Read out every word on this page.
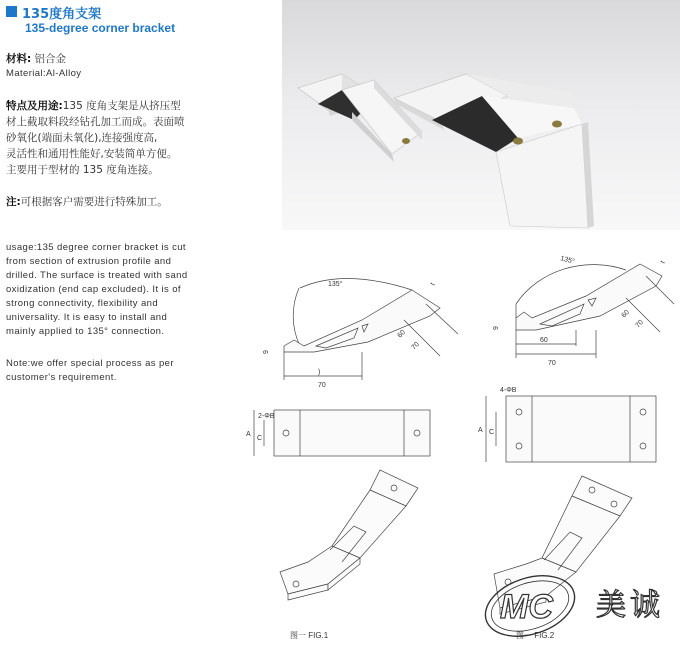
135度角支架
135-degree corner bracket
材料: 铝合金
Material:Al-Alloy
特点及用途:135 度角支架是从挤压型
材上截取料段经钻孔加工而成。表面喷
砂氧化(端面未氧化),连接强度高,
灵活性和通用性能好,安装简单方便。
主要用于型材的 135 度角连接。
注:可根据客户需要进行特殊加工。
usage:135 degree corner bracket is cut
from section of extrusion profile and
drilled. The surface is treated with sand
oxidization (end cap excluded). It is of
strong connectivity, flexibility and
universality. It is easy to install and
mainly applied to 135° connection.
Note:we offer special process as per
customer's requirement.
135°
60
70
)
70
9
t
135°
60
70
60
70
9
t
A
C
2-ΦB
A C
4-ΦB
图一 FIG.1	图一 FIG.2
MC 美诚
